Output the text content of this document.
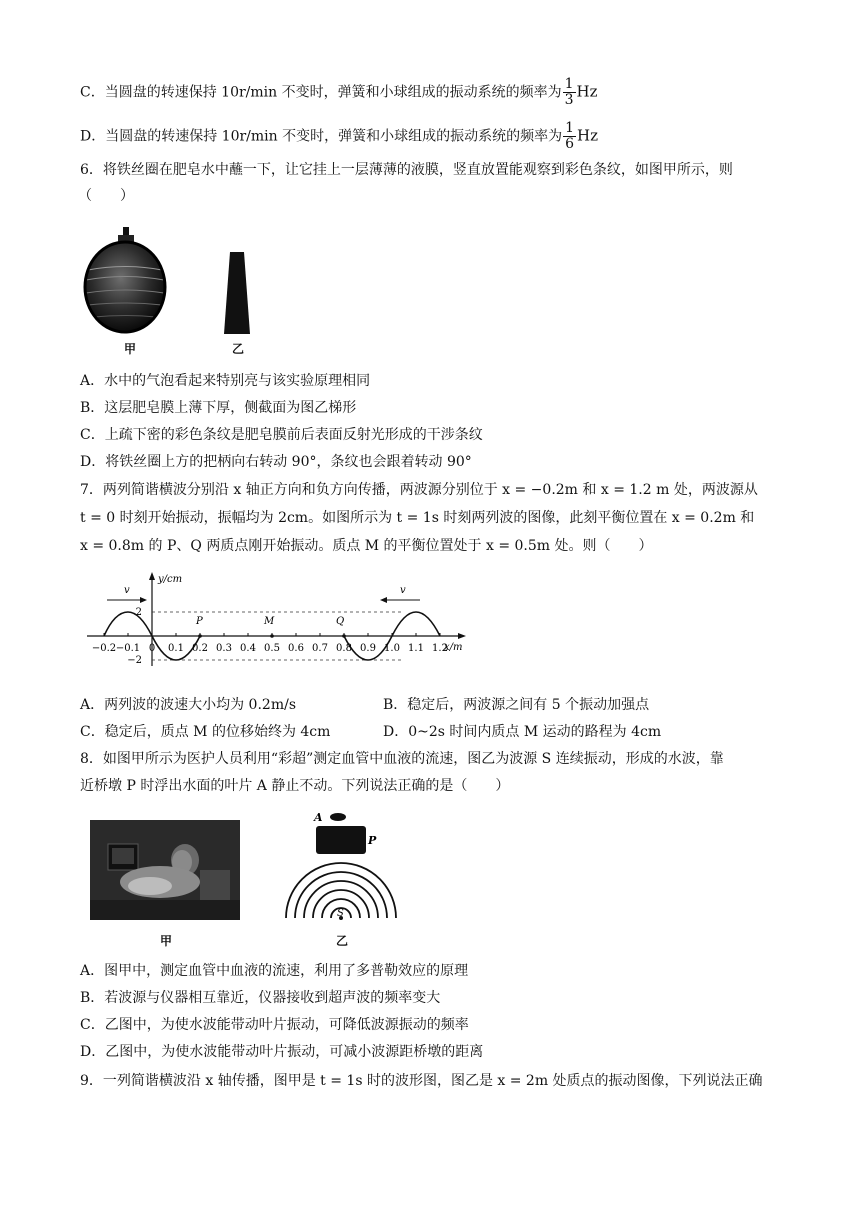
C．当圆盘的转速保持 10r/min 不变时，弹簧和小球组成的振动系统的频率为 $\frac{1}{3}$ Hz
D．当圆盘的转速保持 10r/min 不变时，弹簧和小球组成的振动系统的频率为 $\frac{1}{6}$ Hz
6．将铁丝圈在肥皂水中蘸一下，让它挂上一层薄薄的液膜，竖直放置能观察到彩色条纹，如图甲所示，则
（　　）
甲	乙
A．水中的气泡看起来特别亮与该实验原理相同
B．这层肥皂膜上薄下厚，侧截面为图乙梯形
C．上疏下密的彩色条纹是肥皂膜前后表面反射光形成的干涉条纹
D．将铁丝圈上方的把柄向右转动 90°，条纹也会跟着转动 90°
7．两列简谐横波分别沿 x 轴正方向和负方向传播，两波源分别位于 x = −0.2m 和 x = 1.2 m 处，两波源从
t = 0 时刻开始振动，振幅均为 2cm。如图所示为 t = 1s 时刻两列波的图像，此刻平衡位置在 x = 0.2m 和
x = 0.8m 的 P、Q 两质点刚开始振动。质点 M 的平衡位置处于 x = 0.5m 处。则（　　）
y/cm
x/m
2
−2
v	v
P	M	Q
−0.2 −0.1 0 0.1 0.2 0.3 0.4 0.5 0.6 0.7 0.8 0.9 1.0 1.1 1.2
A．两列波的波速大小均为 0.2m/s	B．稳定后，两波源之间有 5 个振动加强点
C．稳定后，质点 M 的位移始终为 4cm	D．0~2s 时间内质点 M 运动的路程为 4cm
8．如图甲所示为医护人员利用“彩超”测定血管中血液的流速，图乙为波源 S 连续振动，形成的水波，靠
近桥墩 P 时浮出水面的叶片 A 静止不动。下列说法正确的是（　　）
甲
A
P
S
乙
A．图甲中，测定血管中血液的流速，利用了多普勒效应的原理
B．若波源与仪器相互靠近，仪器接收到超声波的频率变大
C．乙图中，为使水波能带动叶片振动，可降低波源振动的频率
D．乙图中，为使水波能带动叶片振动，可减小波源距桥墩的距离
9．一列简谐横波沿 x 轴传播，图甲是 t = 1s 时的波形图，图乙是 x = 2m 处质点的振动图像，下列说法正确
